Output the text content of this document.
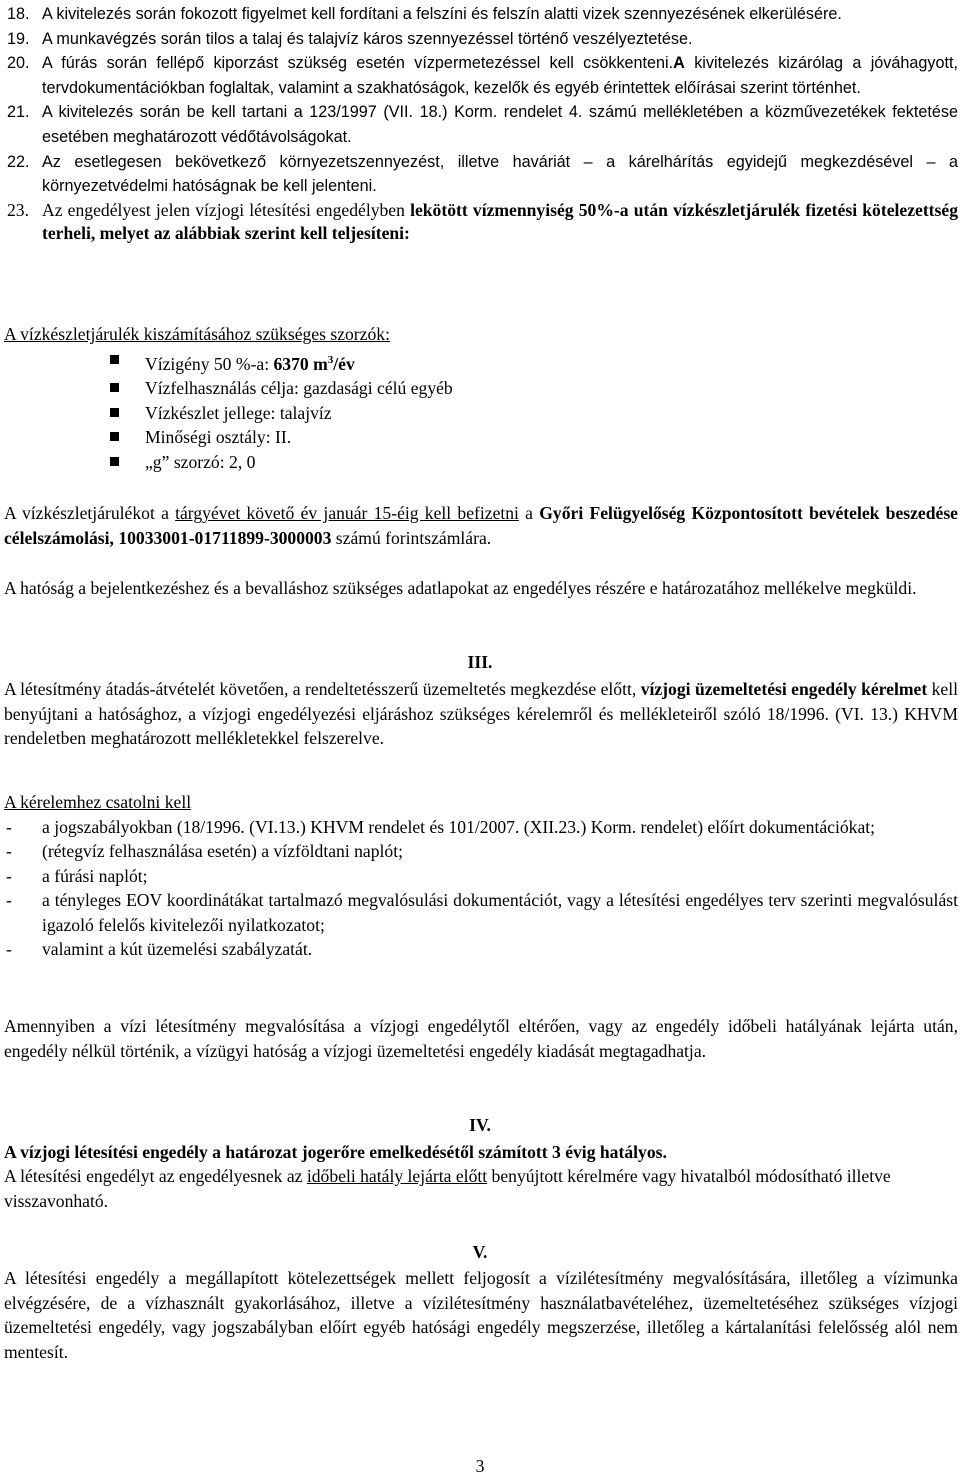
18. A kivitelezés során fokozott figyelmet kell fordítani a felszíni és felszín alatti vizek szennyezésének elkerülésére.
19. A munkavégzés során tilos a talaj és talajvíz káros szennyezéssel történő veszélyeztetése.
20. A fúrás során fellépő kiporzást szükség esetén vízpermetezéssel kell csökkenteni.A kivitelezés kizárólag a jóváhagyott, tervdokumentációkban foglaltak, valamint a szakhatóságok, kezelők és egyéb érintettek előírásai szerint történhet.
21. A kivitelezés során be kell tartani a 123/1997 (VII. 18.) Korm. rendelet 4. számú mellékletében a közművezetékek fektetése esetében meghatározott védőtávolságokat.
22. Az esetlegesen bekövetkező környezetszennyezést, illetve haváriát – a kárelhárítás egyidejű megkezdésével – a környezetvédelmi hatóságnak be kell jelenteni.
23. Az engedélyest jelen vízjogi létesítési engedélyben lekötött vízmennyiség 50%-a után vízkészletjárulék fizetési kötelezettség terheli, melyet az alábbiak szerint kell teljesíteni:
A vízkészletjárulék kiszámításához szükséges szorzók:
Vízigény 50 %-a: 6370 $m^3/év$
Vízfelhasználás célja: gazdasági célú egyéb
Vízkészlet jellege: talajvíz
Minőségi osztály: II.
„g” szorzó: 2, 0
A vízkészletjárulékot a tárgyévet követő év január 15-éig kell befizetni a Győri Felügyelőség Központosított bevételek beszedése célelszámolási, 10033001-01711899-3000003 számú forintszámlára.
A hatóság a bejelentkezéshez és a bevalláshoz szükséges adatlapokat az engedélyes részére e határozatához mellékelve megküldi.
III.
A létesítmény átadás-átvételét követően, a rendeltetésszerű üzemeltetés megkezdése előtt, vízjogi üzemeltetési engedély kérelmet kell benyújtani a hatósághoz, a vízjogi engedélyezési eljáráshoz szükséges kérelemről és mellékleteiről szóló 18/1996. (VI. 13.) KHVM rendeletben meghatározott mellékletekkel felszerelve.
A kérelemhez csatolni kell
- a jogszabályokban (18/1996. (VI.13.) KHVM rendelet és 101/2007. (XII.23.) Korm. rendelet) előírt dokumentációkat;
- (rétegvíz felhasználása esetén) a vízföldtani naplót;
- a fúrási naplót;
- a tényleges EOV koordinátákat tartalmazó megvalósulási dokumentációt, vagy a létesítési engedélyes terv szerinti megvalósulást igazoló felelős kivitelezői nyilatkozatot;
- valamint a kút üzemelési szabályzatát.
Amennyiben a vízi létesítmény megvalósítása a vízjogi engedélytől eltérően, vagy az engedély időbeli hatályának lejárta után, engedély nélkül történik, a vízügyi hatóság a vízjogi üzemeltetési engedély kiadását megtagadhatja.
IV.
A vízjogi létesítési engedély a határozat jogerőre emelkedésétől számított 3 évig hatályos.
A létesítési engedélyt az engedélyesnek az időbeli hatály lejárta előtt benyújtott kérelmére vagy hivatalból módosítható illetve visszavonható.
V.
A létesítési engedély a megállapított kötelezettségek mellett feljogosít a vízilétesítmény megvalósítására, illetőleg a vízimunka elvégzésére, de a vízhasznált gyakorlásához, illetve a vízilétesítmény használatbavételéhez, üzemeltetéséhez szükséges vízjogi üzemeltetési engedély, vagy jogszabályban előírt egyéb hatósági engedély megszerzése, illetőleg a kártalanítási felelősség alól nem mentesít.
3
